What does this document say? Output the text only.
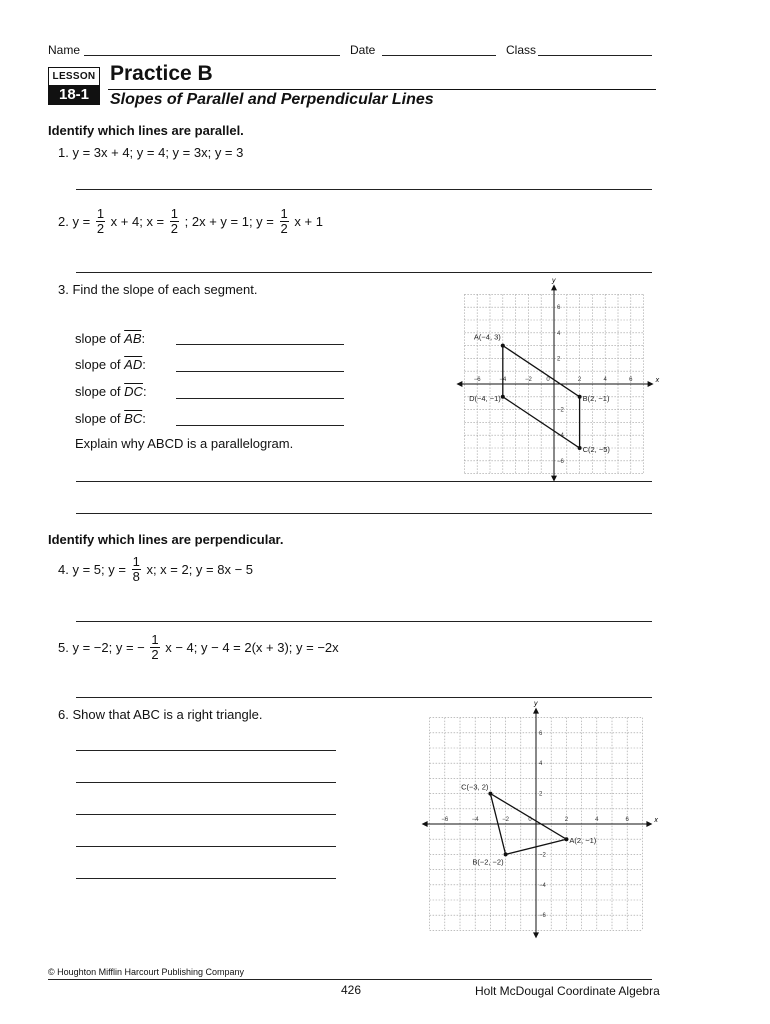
Name	Date	Class
LESSON
18-1
Practice B
Slopes of Parallel and Perpendicular Lines
Identify which lines are parallel.
1. y = 3x + 4; y = 4; y = 3x; y = 3
2. $y = \frac{1}{2}$ x + 4; $x = \frac{1}{2}$ ; 2x + y = 1; $y = \frac{1}{2}$ x + 1
3. Find the slope of each segment.
slope of $\overline{AB}$:
slope of $\overline{AD}$:
slope of $\overline{DC}$:
slope of $\overline{BC}$:
Explain why ABCD is a parallelogram.
x
y
−6	−4	−2 0	2	4	6
6
4
2
−2
−4
−6
A(−4, 3)
B(2, −1)
C(2, −5)
D(−4, −1)
Identify which lines are perpendicular.
4. y = 5; $y = \frac{1}{8} x$; x = 2; y = 8x − 5
5. y = −2; y = − $\frac{1}{2}$ x − 4; y − 4 = 2(x + 3); y = −2x
6. Show that ABC is a right triangle.
x
y
−6	−4	−2	0	2	4	6
6
4
2
−2
−4
−6
C(−3, 2)
A(2, −1)
B(−2, −2)
© Houghton Mifflin Harcourt Publishing Company
426	Holt McDougal Coordinate Algebra
